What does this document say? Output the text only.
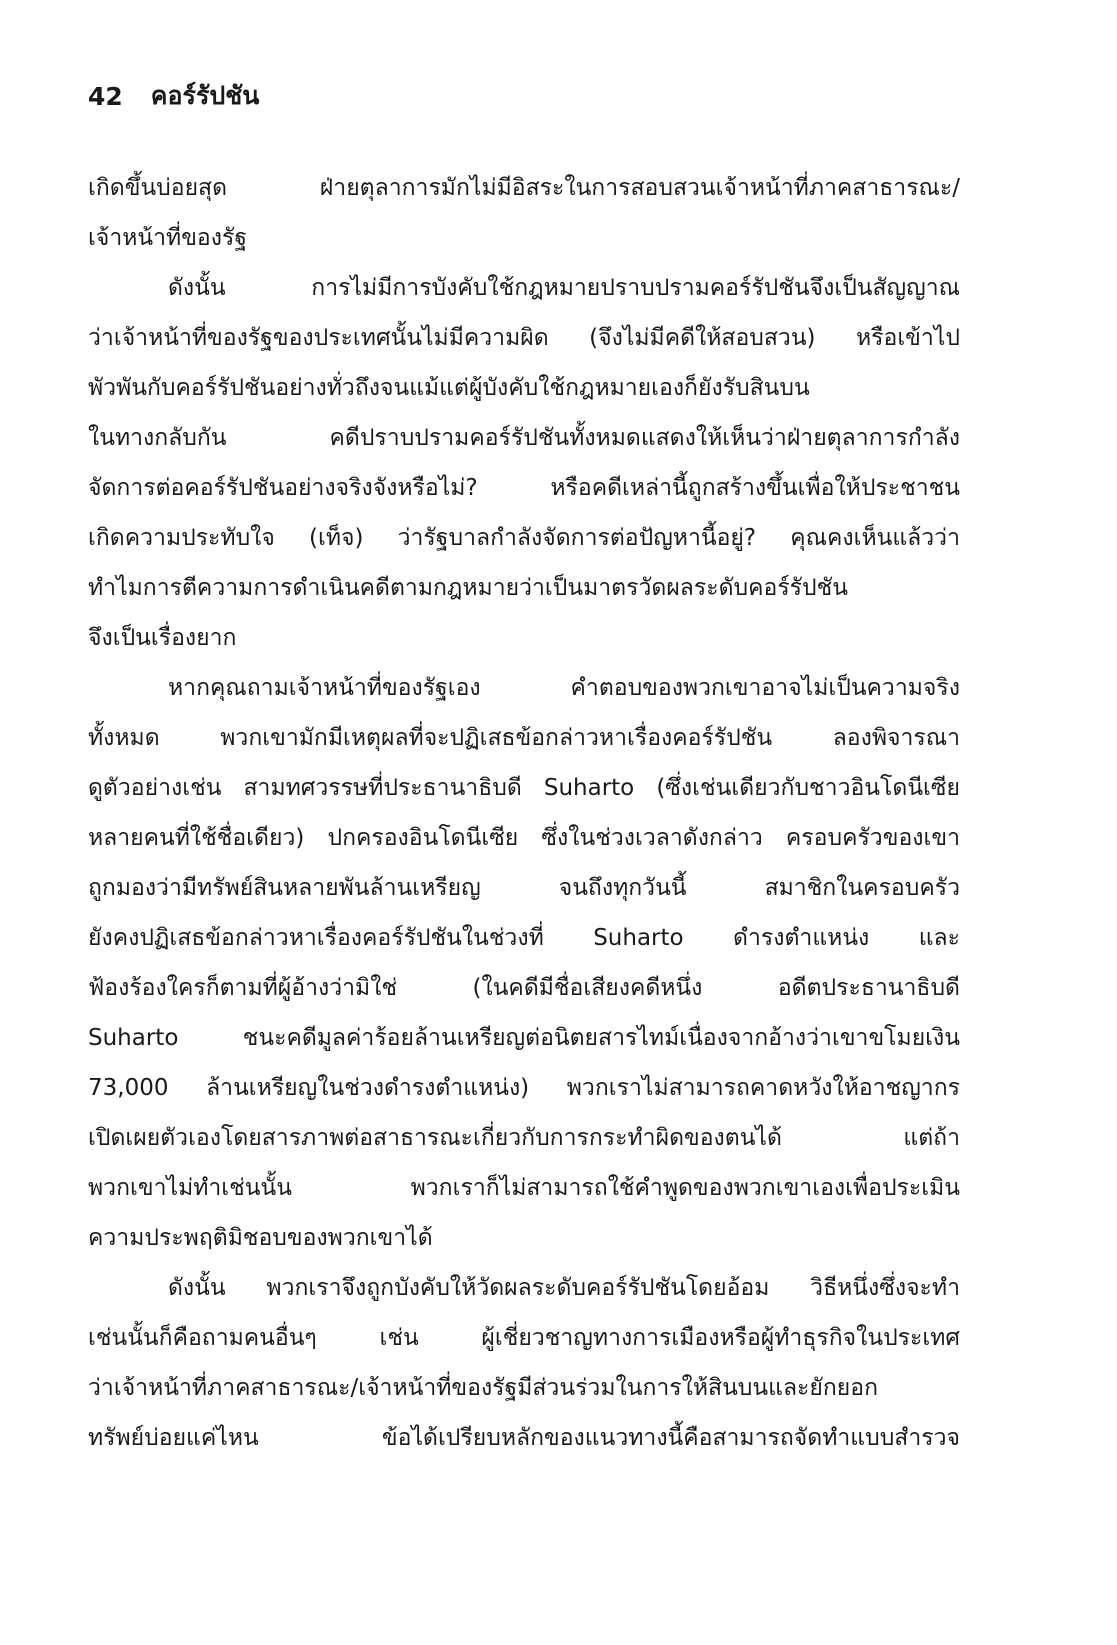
42 คอร์รัปชัน
เกิดขึ้นบ่อยสุด ฝ่ายตุลาการมักไม่มีอิสระในการสอบสวนเจ้าหน้าที่ภาคสาธารณะ/
เจ้าหน้าที่ของรัฐ
ดังนั้น การไม่มีการบังคับใช้กฎหมายปราบปรามคอร์รัปชันจึงเป็นสัญญาณ
ว่าเจ้าหน้าที่ของรัฐของประเทศนั้นไม่มีความผิด (จึงไม่มีคดีให้สอบสวน) หรือเข้าไป
พัวพันกับคอร์รัปชันอย่างทั่วถึงจนแม้แต่ผู้บังคับใช้กฎหมายเองก็ยังรับสินบน
ในทางกลับกัน คดีปราบปรามคอร์รัปชันทั้งหมดแสดงให้เห็นว่าฝ่ายตุลาการกำลัง
จัดการต่อคอร์รัปชันอย่างจริงจังหรือไม่? หรือคดีเหล่านี้ถูกสร้างขึ้นเพื่อให้ประชาชน
เกิดความประทับใจ (เท็จ) ว่ารัฐบาลกำลังจัดการต่อปัญหานี้อยู่? คุณคงเห็นแล้วว่า
ทำไมการตีความการดำเนินคดีตามกฎหมายว่าเป็นมาตรวัดผลระดับคอร์รัปชัน
จึงเป็นเรื่องยาก
หากคุณถามเจ้าหน้าที่ของรัฐเอง คำตอบของพวกเขาอาจไม่เป็นความจริง
ทั้งหมด พวกเขามักมีเหตุผลที่จะปฏิเสธข้อกล่าวหาเรื่องคอร์รัปชัน ลองพิจารณา
ดูตัวอย่างเช่น สามทศวรรษที่ประธานาธิบดี Suharto (ซึ่งเช่นเดียวกับชาวอินโดนีเซีย
หลายคนที่ใช้ชื่อเดียว) ปกครองอินโดนีเซีย ซึ่งในช่วงเวลาดังกล่าว ครอบครัวของเขา
ถูกมองว่ามีทรัพย์สินหลายพันล้านเหรียญ จนถึงทุกวันนี้ สมาชิกในครอบครัว
ยังคงปฏิเสธข้อกล่าวหาเรื่องคอร์รัปชันในช่วงที่ Suharto ดำรงตำแหน่ง และ
ฟ้องร้องใครก็ตามที่ผู้อ้างว่ามิใช่ (ในคดีมีชื่อเสียงคดีหนึ่ง อดีตประธานาธิบดี
Suharto ชนะคดีมูลค่าร้อยล้านเหรียญต่อนิตยสารไทม์เนื่องจากอ้างว่าเขาขโมยเงิน
73,000 ล้านเหรียญในช่วงดำรงตำแหน่ง) พวกเราไม่สามารถคาดหวังให้อาชญากร
เปิดเผยตัวเองโดยสารภาพต่อสาธารณะเกี่ยวกับการกระทำผิดของตนได้ แต่ถ้า
พวกเขาไม่ทำเช่นนั้น พวกเราก็ไม่สามารถใช้คำพูดของพวกเขาเองเพื่อประเมิน
ความประพฤติมิชอบของพวกเขาได้
ดังนั้น พวกเราจึงถูกบังคับให้วัดผลระดับคอร์รัปชันโดยอ้อม วิธีหนึ่งซึ่งจะทำ
เช่นนั้นก็คือถามคนอื่นๆ เช่น ผู้เชี่ยวชาญทางการเมืองหรือผู้ทำธุรกิจในประเทศ
ว่าเจ้าหน้าที่ภาคสาธารณะ/เจ้าหน้าที่ของรัฐมีส่วนร่วมในการให้สินบนและยักยอก
ทรัพย์บ่อยแค่ไหน ข้อได้เปรียบหลักของแนวทางนี้คือสามารถจัดทำแบบสำรวจ
